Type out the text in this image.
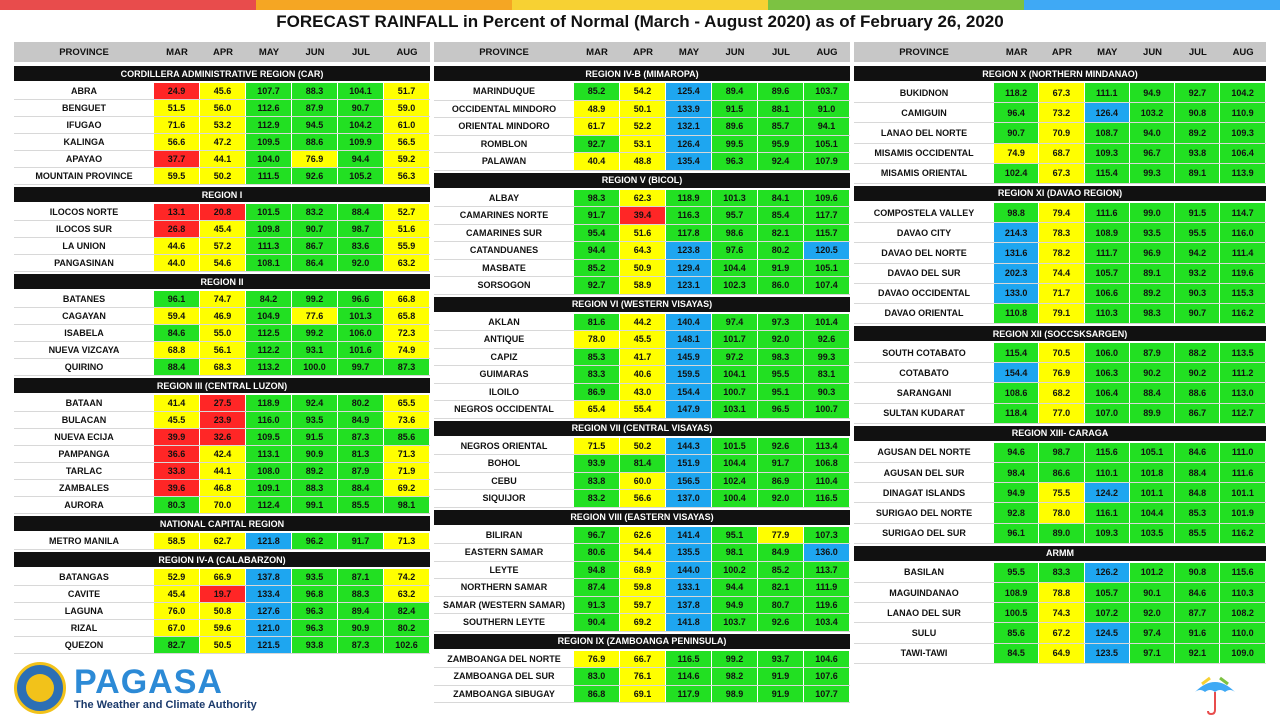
FORECAST RAINFALL in Percent of Normal (March - August 2020) as of February 26, 2020
PROVINCE	MAR	APR	MAY	JUN	JUL	AUG
CORDILLERA ADMINISTRATIVE REGION (CAR)
ABRA	24.9	45.6	107.7	88.3	104.1	51.7
BENGUET	51.5	56.0	112.6	87.9	90.7	59.0
IFUGAO	71.6	53.2	112.9	94.5	104.2	61.0
KALINGA	56.6	47.2	109.5	88.6	109.9	56.5
APAYAO	37.7	44.1	104.0	76.9	94.4	59.2
MOUNTAIN PROVINCE	59.5	50.2	111.5	92.6	105.2	56.3
REGION I
ILOCOS NORTE	13.1	20.8	101.5	83.2	88.4	52.7
ILOCOS SUR	26.8	45.4	109.8	90.7	98.7	51.6
LA UNION	44.6	57.2	111.3	86.7	83.6	55.9
PANGASINAN	44.0	54.6	108.1	86.4	92.0	63.2
REGION II
BATANES	96.1	74.7	84.2	99.2	96.6	66.8
CAGAYAN	59.4	46.9	104.9	77.6	101.3	65.8
ISABELA	84.6	55.0	112.5	99.2	106.0	72.3
NUEVA VIZCAYA	68.8	56.1	112.2	93.1	101.6	74.9
QUIRINO	88.4	68.3	113.2	100.0	99.7	87.3
REGION III (CENTRAL LUZON)
BATAAN	41.4	27.5	118.9	92.4	80.2	65.5
BULACAN	45.5	23.9	116.0	93.5	84.9	73.6
NUEVA ECIJA	39.9	32.6	109.5	91.5	87.3	85.6
PAMPANGA	36.6	42.4	113.1	90.9	81.3	71.3
TARLAC	33.8	44.1	108.0	89.2	87.9	71.9
ZAMBALES	39.6	46.8	109.1	88.3	88.4	69.2
AURORA	80.3	70.0	112.4	99.1	85.5	98.1
NATIONAL CAPITAL REGION
METRO MANILA	58.5	62.7	121.8	96.2	91.7	71.3
REGION IV-A (CALABARZON)
BATANGAS	52.9	66.9	137.8	93.5	87.1	74.2
CAVITE	45.4	19.7	133.4	96.8	88.3	63.2
LAGUNA	76.0	50.8	127.6	96.3	89.4	82.4
RIZAL	67.0	59.6	121.0	96.3	90.9	80.2
QUEZON	82.7	50.5	121.5	93.8	87.3	102.6
PROVINCE	MAR	APR	MAY	JUN	JUL	AUG
REGION IV-B (MIMAROPA)
MARINDUQUE	85.2	54.2	125.4	89.4	89.6	103.7
OCCIDENTAL MINDORO	48.9	50.1	133.9	91.5	88.1	91.0
ORIENTAL MINDORO	61.7	52.2	132.1	89.6	85.7	94.1
ROMBLON	92.7	53.1	126.4	99.5	95.9	105.1
PALAWAN	40.4	48.8	135.4	96.3	92.4	107.9
REGION V (BICOL)
ALBAY	98.3	62.3	118.9	101.3	84.1	109.6
CAMARINES NORTE	91.7	39.4	116.3	95.7	85.4	117.7
CAMARINES SUR	95.4	51.6	117.8	98.6	82.1	115.7
CATANDUANES	94.4	64.3	123.8	97.6	80.2	120.5
MASBATE	85.2	50.9	129.4	104.4	91.9	105.1
SORSOGON	92.7	58.9	123.1	102.3	86.0	107.4
REGION VI (WESTERN VISAYAS)
AKLAN	81.6	44.2	140.4	97.4	97.3	101.4
ANTIQUE	78.0	45.5	148.1	101.7	92.0	92.6
CAPIZ	85.3	41.7	145.9	97.2	98.3	99.3
GUIMARAS	83.3	40.6	159.5	104.1	95.5	83.1
ILOILO	86.9	43.0	154.4	100.7	95.1	90.3
NEGROS OCCIDENTAL	65.4	55.4	147.9	103.1	96.5	100.7
REGION VII (CENTRAL VISAYAS)
NEGROS ORIENTAL	71.5	50.2	144.3	101.5	92.6	113.4
BOHOL	93.9	81.4	151.9	104.4	91.7	106.8
CEBU	83.8	60.0	156.5	102.4	86.9	110.4
SIQUIJOR	83.2	56.6	137.0	100.4	92.0	116.5
REGION VIII (EASTERN VISAYAS)
BILIRAN	96.7	62.6	141.4	95.1	77.9	107.3
EASTERN SAMAR	80.6	54.4	135.5	98.1	84.9	136.0
LEYTE	94.8	68.9	144.0	100.2	85.2	113.7
NORTHERN SAMAR	87.4	59.8	133.1	94.4	82.1	111.9
SAMAR (WESTERN SAMAR)	91.3	59.7	137.8	94.9	80.7	119.6
SOUTHERN LEYTE	90.4	69.2	141.8	103.7	92.6	103.4
REGION IX (ZAMBOANGA PENINSULA)
ZAMBOANGA DEL NORTE	76.9	66.7	116.5	99.2	93.7	104.6
ZAMBOANGA DEL SUR	83.0	76.1	114.6	98.2	91.9	107.6
ZAMBOANGA SIBUGAY	86.8	69.1	117.9	98.9	91.9	107.7
PROVINCE	MAR	APR	MAY	JUN	JUL	AUG
REGION X (NORTHERN MINDANAO)
BUKIDNON	118.2	67.3	111.1	94.9	92.7	104.2
CAMIGUIN	96.4	73.2	126.4	103.2	90.8	110.9
LANAO DEL NORTE	90.7	70.9	108.7	94.0	89.2	109.3
MISAMIS OCCIDENTAL	74.9	68.7	109.3	96.7	93.8	106.4
MISAMIS ORIENTAL	102.4	67.3	115.4	99.3	89.1	113.9
REGION XI (DAVAO REGION)
COMPOSTELA VALLEY	98.8	79.4	111.6	99.0	91.5	114.7
DAVAO CITY	214.3	78.3	108.9	93.5	95.5	116.0
DAVAO DEL NORTE	131.6	78.2	111.7	96.9	94.2	111.4
DAVAO DEL SUR	202.3	74.4	105.7	89.1	93.2	119.6
DAVAO OCCIDENTAL	133.0	71.7	106.6	89.2	90.3	115.3
DAVAO ORIENTAL	110.8	79.1	110.3	98.3	90.7	116.2
REGION XII (SOCCSKSARGEN)
SOUTH COTABATO	115.4	70.5	106.0	87.9	88.2	113.5
COTABATO	154.4	76.9	106.3	90.2	90.2	111.2
SARANGANI	108.6	68.2	106.4	88.4	88.6	113.0
SULTAN KUDARAT	118.4	77.0	107.0	89.9	86.7	112.7
REGION XIII- CARAGA
AGUSAN DEL NORTE	94.6	98.7	115.6	105.1	84.6	111.0
AGUSAN DEL SUR	98.4	86.6	110.1	101.8	88.4	111.6
DINAGAT ISLANDS	94.9	75.5	124.2	101.1	84.8	101.1
SURIGAO DEL NORTE	92.8	78.0	116.1	104.4	85.3	101.9
SURIGAO DEL SUR	96.1	89.0	109.3	103.5	85.5	116.2
ARMM
BASILAN	95.5	83.3	126.2	101.2	90.8	115.6
MAGUINDANAO	108.9	78.8	105.7	90.1	84.6	110.3
LANAO DEL SUR	100.5	74.3	107.2	92.0	87.7	108.2
SULU	85.6	67.2	124.5	97.4	91.6	110.0
TAWI-TAWI	84.5	64.9	123.5	97.1	92.1	109.0
PAGASA
The Weather and Climate Authority
